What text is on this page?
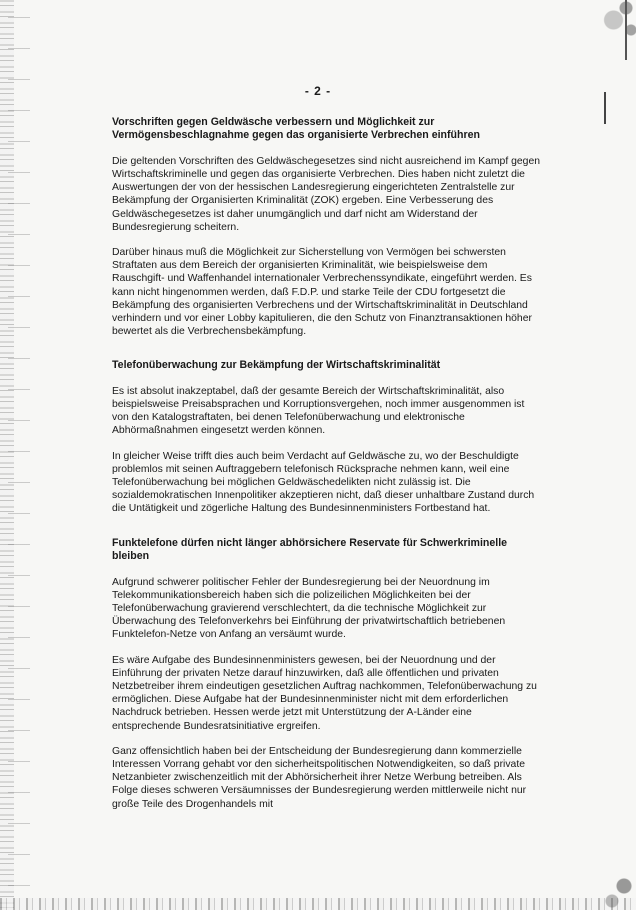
- 2 -
Vorschriften gegen Geldwäsche verbessern und Möglichkeit zur Vermögensbeschlagnahme gegen das organisierte Verbrechen einführen

Die geltenden Vorschriften des Geldwäschegesetzes sind nicht ausreichend im Kampf gegen Wirtschaftskriminelle und gegen das organisierte Verbrechen. Dies haben nicht zuletzt die Auswertungen der von der hessischen Landesregierung eingerichteten Zentralstelle zur Bekämpfung der Organisierten Kriminalität (ZOK) ergeben. Eine Verbesserung des Geldwäschegesetzes ist daher unumgänglich und darf nicht am Widerstand der Bundesregierung scheitern.

Darüber hinaus muß die Möglichkeit zur Sicherstellung von Vermögen bei schwersten Straftaten aus dem Bereich der organisierten Kriminalität, wie beispielsweise dem Rauschgift- und Waffenhandel internationaler Verbrechenssyndikate, eingeführt werden. Es kann nicht hingenommen werden, daß F.D.P. und starke Teile der CDU fortgesetzt die Bekämpfung des organisierten Verbrechens und der Wirtschaftskriminalität in Deutschland verhindern und vor einer Lobby kapitulieren, die den Schutz von Finanztransaktionen höher bewertet als die Verbrechensbekämpfung.

Telefonüberwachung zur Bekämpfung der Wirtschaftskriminalität

Es ist absolut inakzeptabel, daß der gesamte Bereich der Wirtschaftskriminalität, also beispielsweise Preisabsprachen und Korruptionsvergehen, noch immer ausgenommen ist von den Katalogstraftaten, bei denen Telefonüberwachung und elektronische Abhörmaßnahmen eingesetzt werden können.

In gleicher Weise trifft dies auch beim Verdacht auf Geldwäsche zu, wo der Beschuldigte problemlos mit seinen Auftraggebern telefonisch Rücksprache nehmen kann, weil eine Telefonüberwachung bei möglichen Geldwäschedelikten nicht zulässig ist. Die sozialdemokratischen Innenpolitiker akzeptieren nicht, daß dieser unhaltbare Zustand durch die Untätigkeit und zögerliche Haltung des Bundesinnenministers Fortbestand hat.

Funktelefone dürfen nicht länger abhörsichere Reservate für Schwerkriminelle bleiben

Aufgrund schwerer politischer Fehler der Bundesregierung bei der Neuordnung im Telekommunikationsbereich haben sich die polizeilichen Möglichkeiten bei der Telefonüberwachung gravierend verschlechtert, da die technische Möglichkeit zur Überwachung des Telefonverkehrs bei Einführung der privatwirtschaftlich betriebenen Funktelefon-Netze von Anfang an versäumt wurde.

Es wäre Aufgabe des Bundesinnenministers gewesen, bei der Neuordnung und der Einführung der privaten Netze darauf hinzuwirken, daß alle öffentlichen und privaten Netzbetreiber ihrem eindeutigen gesetzlichen Auftrag nachkommen, Telefonüberwachung zu ermöglichen. Diese Aufgabe hat der Bundesinnenminister nicht mit dem erforderlichen Nachdruck betrieben. Hessen werde jetzt mit Unterstützung der A-Länder eine entsprechende Bundesratsinitiative ergreifen.

Ganz offensichtlich haben bei der Entscheidung der Bundesregierung dann kommerzielle Interessen Vorrang gehabt vor den sicherheitspolitischen Notwendigkeiten, so daß private Netzanbieter zwischenzeitlich mit der Abhörsicherheit ihrer Netze Werbung betreiben. Als Folge dieses schweren Versäumnisses der Bundesregierung werden mittlerweile nicht nur große Teile des Drogenhandels mit
